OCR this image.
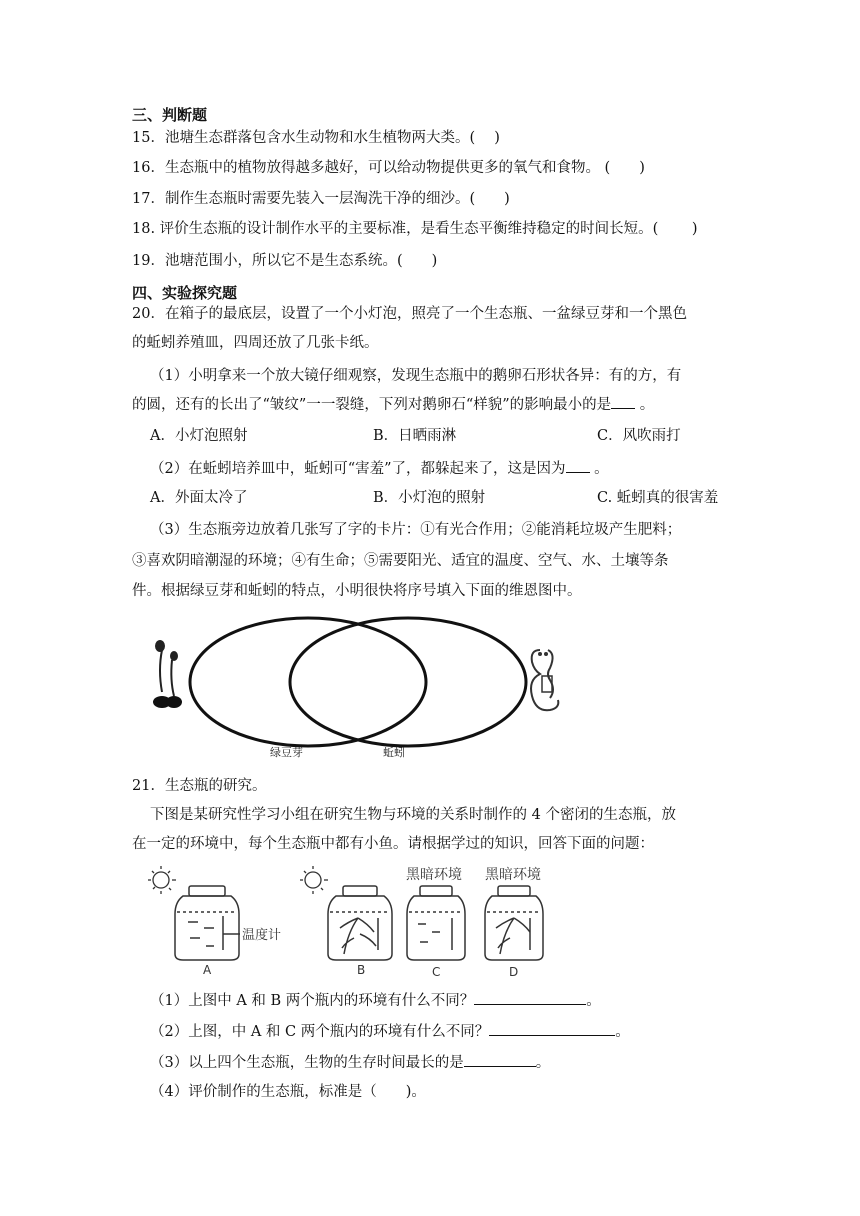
三、判断题
15．池塘生态群落包含水生动物和水生植物两大类。(　 )
16．生态瓶中的植物放得越多越好，可以给动物提供更多的氧气和食物。 (　　)
17．制作生态瓶时需要先装入一层淘洗干净的细沙。(　　)
18. 评价生态瓶的设计制作水平的主要标准，是看生态平衡维持稳定的时间长短。(　　 )
19．池塘范围小，所以它不是生态系统。(　　)
四、实验探究题
20．在箱子的最底层，设置了一个小灯泡，照亮了一个生态瓶、一盆绿豆芽和一个黑色
的蚯蚓养殖皿，四周还放了几张卡纸。
（1）小明拿来一个放大镜仔细观察，发现生态瓶中的鹅卵石形状各异：有的方，有
的圆，还有的长出了“皱纹”一一裂缝，下列对鹅卵石“样貌”的影响最小的是 。
A．小灯泡照射	B．日晒雨淋	C．风吹雨打
（2）在蚯蚓培养皿中，蚯蚓可“害羞”了，都躲起来了，这是因为 。
A．外面太冷了	B．小灯泡的照射	C. 蚯蚓真的很害羞
（3）生态瓶旁边放着几张写了字的卡片：①有光合作用；②能消耗垃圾产生肥料；
③喜欢阴暗潮湿的环境；④有生命；⑤需要阳光、适宜的温度、空气、水、土壤等条
件。根据绿豆芽和蚯蚓的特点，小明很快将序号填入下面的维恩图中。
绿豆芽	蚯蚓
21．生态瓶的研究。
下图是某研究性学习小组在研究生物与环境的关系时制作的 4 个密闭的生态瓶，放
在一定的环境中，每个生态瓶中都有小鱼。请根据学过的知识，回答下面的问题：
温度计
A	B
黑暗环境 黑暗环境
C	D
（1）上图中 A 和 B 两个瓶内的环境有什么不同？	。
（2）上图，中 A 和 C 两个瓶内的环境有什么不同？	。
（3）以上四个生态瓶，生物的生存时间最长的是	。
（4）评价制作的生态瓶，标准是（　　)。
